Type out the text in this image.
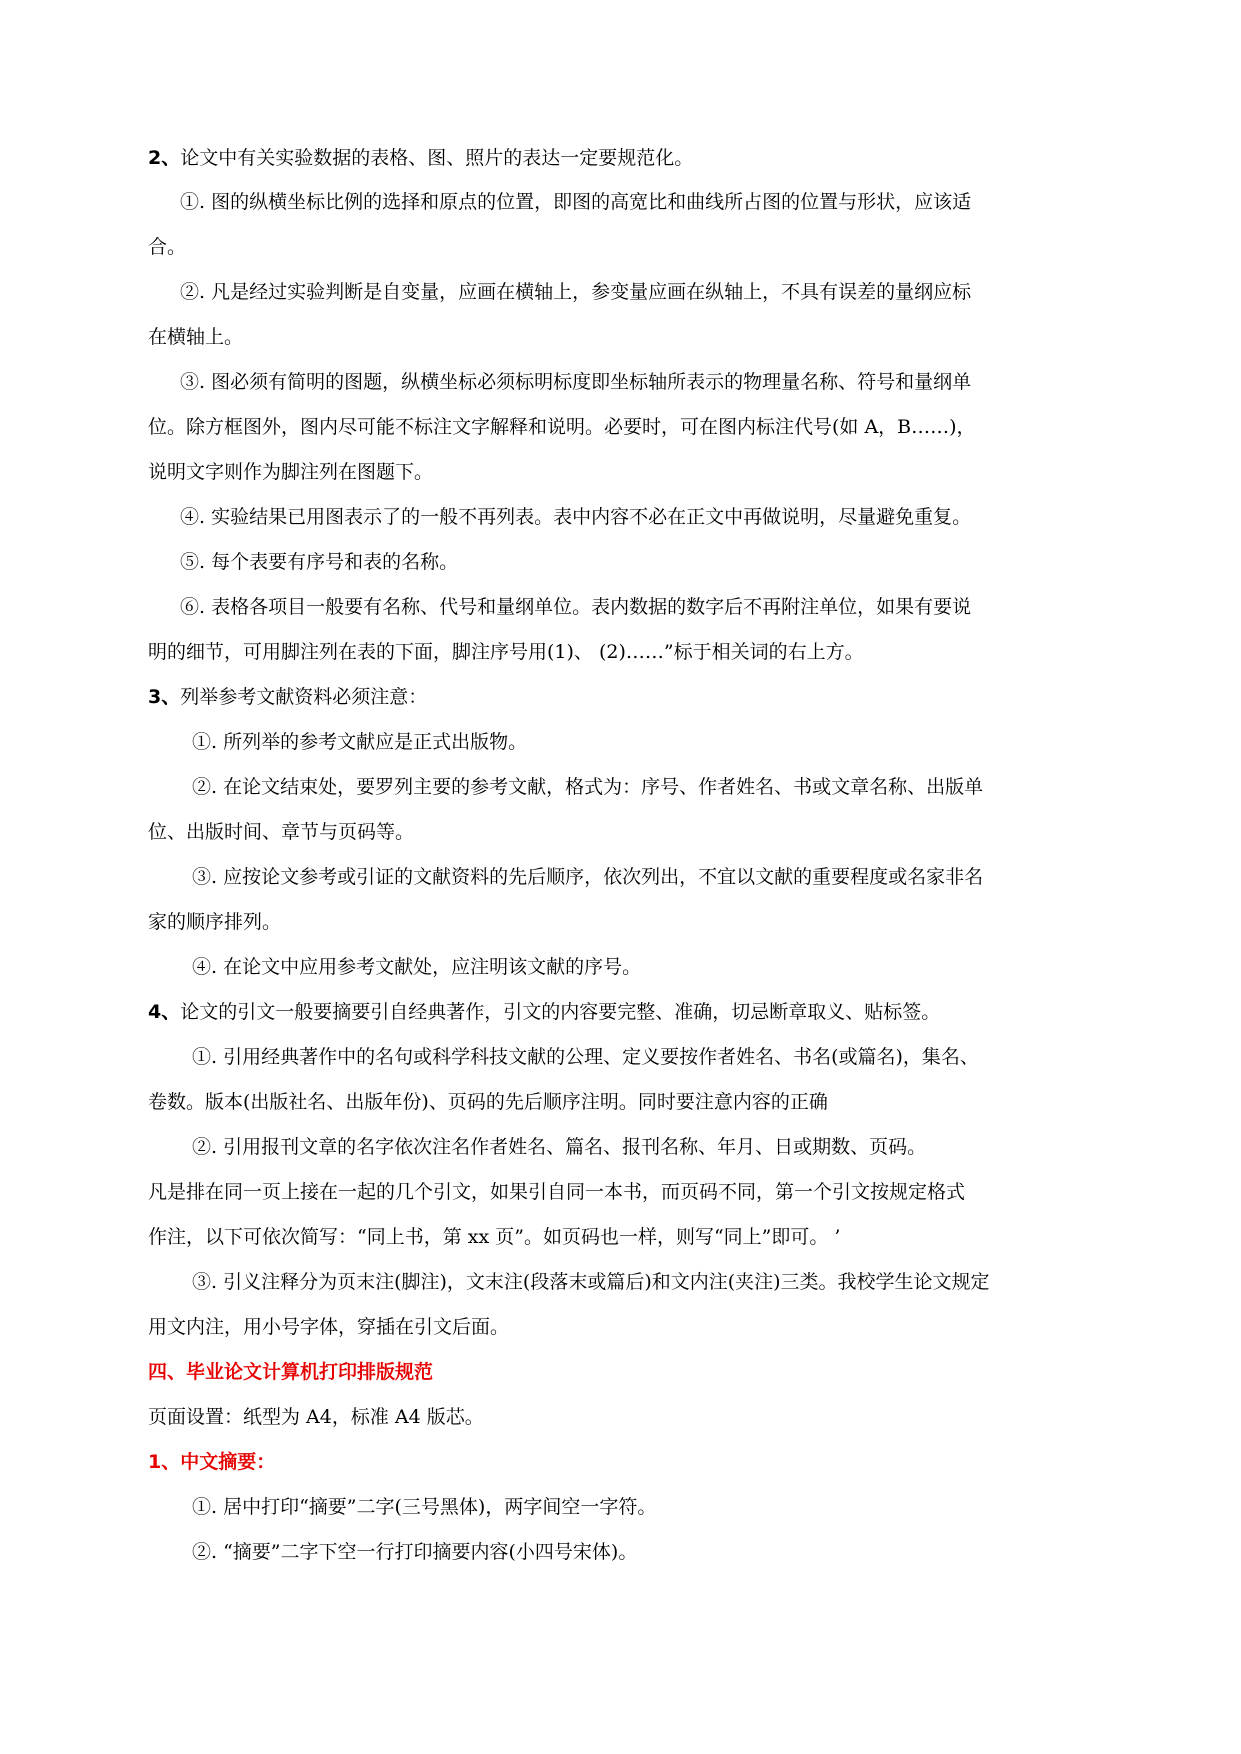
2、论文中有关实验数据的表格、图、照片的表达一定要规范化。
①. 图的纵横坐标比例的选择和原点的位置，即图的高宽比和曲线所占图的位置与形状，应该适
合。
②. 凡是经过实验判断是自变量，应画在横轴上，参变量应画在纵轴上，不具有误差的量纲应标
在横轴上。
③. 图必须有简明的图题，纵横坐标必须标明标度即坐标轴所表示的物理量名称、符号和量纲单
位。除方框图外，图内尽可能不标注文字解释和说明。必要时，可在图内标注代号(如 A，B……)，
说明文字则作为脚注列在图题下。
④. 实验结果已用图表示了的一般不再列表。表中内容不必在正文中再做说明，尽量避免重复。
⑤. 每个表要有序号和表的名称。
⑥. 表格各项目一般要有名称、代号和量纲单位。表内数据的数字后不再附注单位，如果有要说
明的细节，可用脚注列在表的下面，脚注序号用(1)、 (2)……”标于相关词的右上方。
3、列举参考文献资料必须注意：
①. 所列举的参考文献应是正式出版物。
②. 在论文结束处，要罗列主要的参考文献，格式为：序号、作者姓名、书或文章名称、出版单
位、出版时间、章节与页码等。
③. 应按论文参考或引证的文献资料的先后顺序，依次列出，不宜以文献的重要程度或名家非名
家的顺序排列。
④. 在论文中应用参考文献处，应注明该文献的序号。
4、论文的引文一般要摘要引自经典著作，引文的内容要完整、准确，切忌断章取义、贴标签。
①. 引用经典著作中的名句或科学科技文献的公理、定义要按作者姓名、书名(或篇名)，集名、
卷数。版本(出版社名、出版年份)、页码的先后顺序注明。同时要注意内容的正确
②. 引用报刊文章的名字依次注名作者姓名、篇名、报刊名称、年月、日或期数、页码。
凡是排在同一页上接在一起的几个引文，如果引自同一本书，而页码不同，第一个引文按规定格式
作注，以下可依次简写：“同上书，第 xx 页”。如页码也一样，则写“同上”即可。 ’
③. 引义注释分为页末注(脚注)，文末注(段落末或篇后)和文内注(夹注)三类。我校学生论文规定
用文内注，用小号字体，穿插在引文后面。
四、毕业论文计算机打印排版规范
页面设置：纸型为 A4，标准 A4 版芯。
1、中文摘要：
①. 居中打印“摘要”二字(三号黑体)，两字间空一字符。
②. “摘要”二字下空一行打印摘要内容(小四号宋体)。
